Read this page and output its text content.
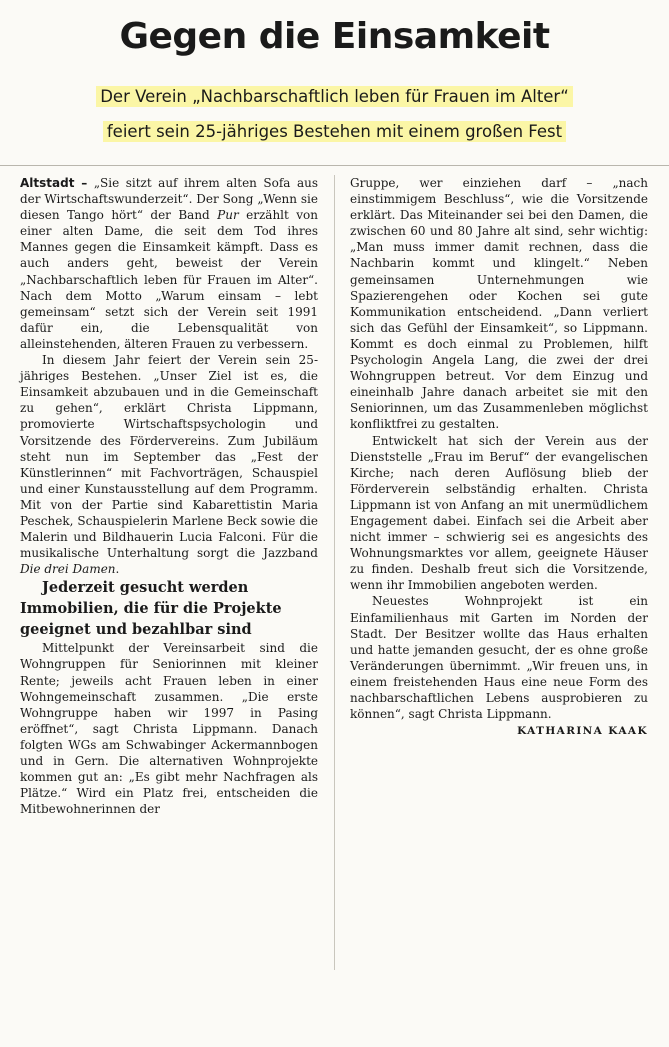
Gegen die Einsamkeit
Der Verein „Nachbarschaftlich leben für Frauen im Alter“
feiert sein 25-jähriges Bestehen mit einem großen Fest

Altstadt – „Sie sitzt auf ihrem alten Sofa aus der Wirtschaftswunderzeit“. Der Song „Wenn sie diesen Tango hört“ der Band Pur erzählt von einer alten Dame, die seit dem Tod ihres Mannes gegen die Einsamkeit kämpft. Dass es auch anders geht, beweist der Verein „Nachbarschaftlich leben für Frauen im Alter“. Nach dem Motto „Warum einsam – lebt gemeinsam“ setzt sich der Verein seit 1991 dafür ein, die Lebensqualität von alleinstehenden, älteren Frauen zu verbessern.

In diesem Jahr feiert der Verein sein 25-jähriges Bestehen. „Unser Ziel ist es, die Einsamkeit abzubauen und in die Gemeinschaft zu gehen“, erklärt Christa Lippmann, promovierte Wirtschaftspsychologin und Vorsitzende des Fördervereins. Zum Jubiläum steht nun im September das „Fest der Künstlerinnen“ mit Fachvorträgen, Schauspiel und einer Kunstausstellung auf dem Programm. Mit von der Partie sind Kabarettistin Maria Peschek, Schauspielerin Marlene Beck sowie die Malerin und Bildhauerin Lucia Falconi. Für die musikalische Unterhaltung sorgt die Jazzband Die drei Damen.

Jederzeit gesucht werden Immobilien, die für die Projekte geeignet und bezahlbar sind

Mittelpunkt der Vereinsarbeit sind die Wohngruppen für Seniorinnen mit kleiner Rente; jeweils acht Frauen leben in einer Wohngemeinschaft zusammen. „Die erste Wohngruppe haben wir 1997 in Pasing eröffnet“, sagt Christa Lippmann. Danach folgten WGs am Schwabinger Ackermannbogen und in Gern. Die alternativen Wohnprojekte kommen gut an: „Es gibt mehr Nachfragen als Plätze.“ Wird ein Platz frei, entscheiden die Mitbewohnerinnen der

Gruppe, wer einziehen darf – „nach einstimmigem Beschluss“, wie die Vorsitzende erklärt. Das Miteinander sei bei den Damen, die zwischen 60 und 80 Jahre alt sind, sehr wichtig: „Man muss immer damit rechnen, dass die Nachbarin kommt und klingelt.“ Neben gemeinsamen Unternehmungen wie Spazierengehen oder Kochen sei gute Kommunikation entscheidend. „Dann verliert sich das Gefühl der Einsamkeit“, so Lippmann. Kommt es doch einmal zu Problemen, hilft Psychologin Angela Lang, die zwei der drei Wohngruppen betreut. Vor dem Einzug und eineinhalb Jahre danach arbeitet sie mit den Seniorinnen, um das Zusammenleben möglichst konfliktfrei zu gestalten.

Entwickelt hat sich der Verein aus der Dienststelle „Frau im Beruf“ der evangelischen Kirche; nach deren Auflösung blieb der Förderverein selbständig erhalten. Christa Lippmann ist von Anfang an mit unermüdlichem Engagement dabei. Einfach sei die Arbeit aber nicht immer – schwierig sei es angesichts des Wohnungsmarktes vor allem, geeignete Häuser zu finden. Deshalb freut sich die Vorsitzende, wenn ihr Immobilien angeboten werden.

Neuestes Wohnprojekt ist ein Einfamilienhaus mit Garten im Norden der Stadt. Der Besitzer wollte das Haus erhalten und hatte jemanden gesucht, der es ohne große Veränderungen übernimmt. „Wir freuen uns, in einem freistehenden Haus eine neue Form des nachbarschaftlichen Lebens ausprobieren zu können“, sagt Christa Lippmann.
KATHARINA KAAK
